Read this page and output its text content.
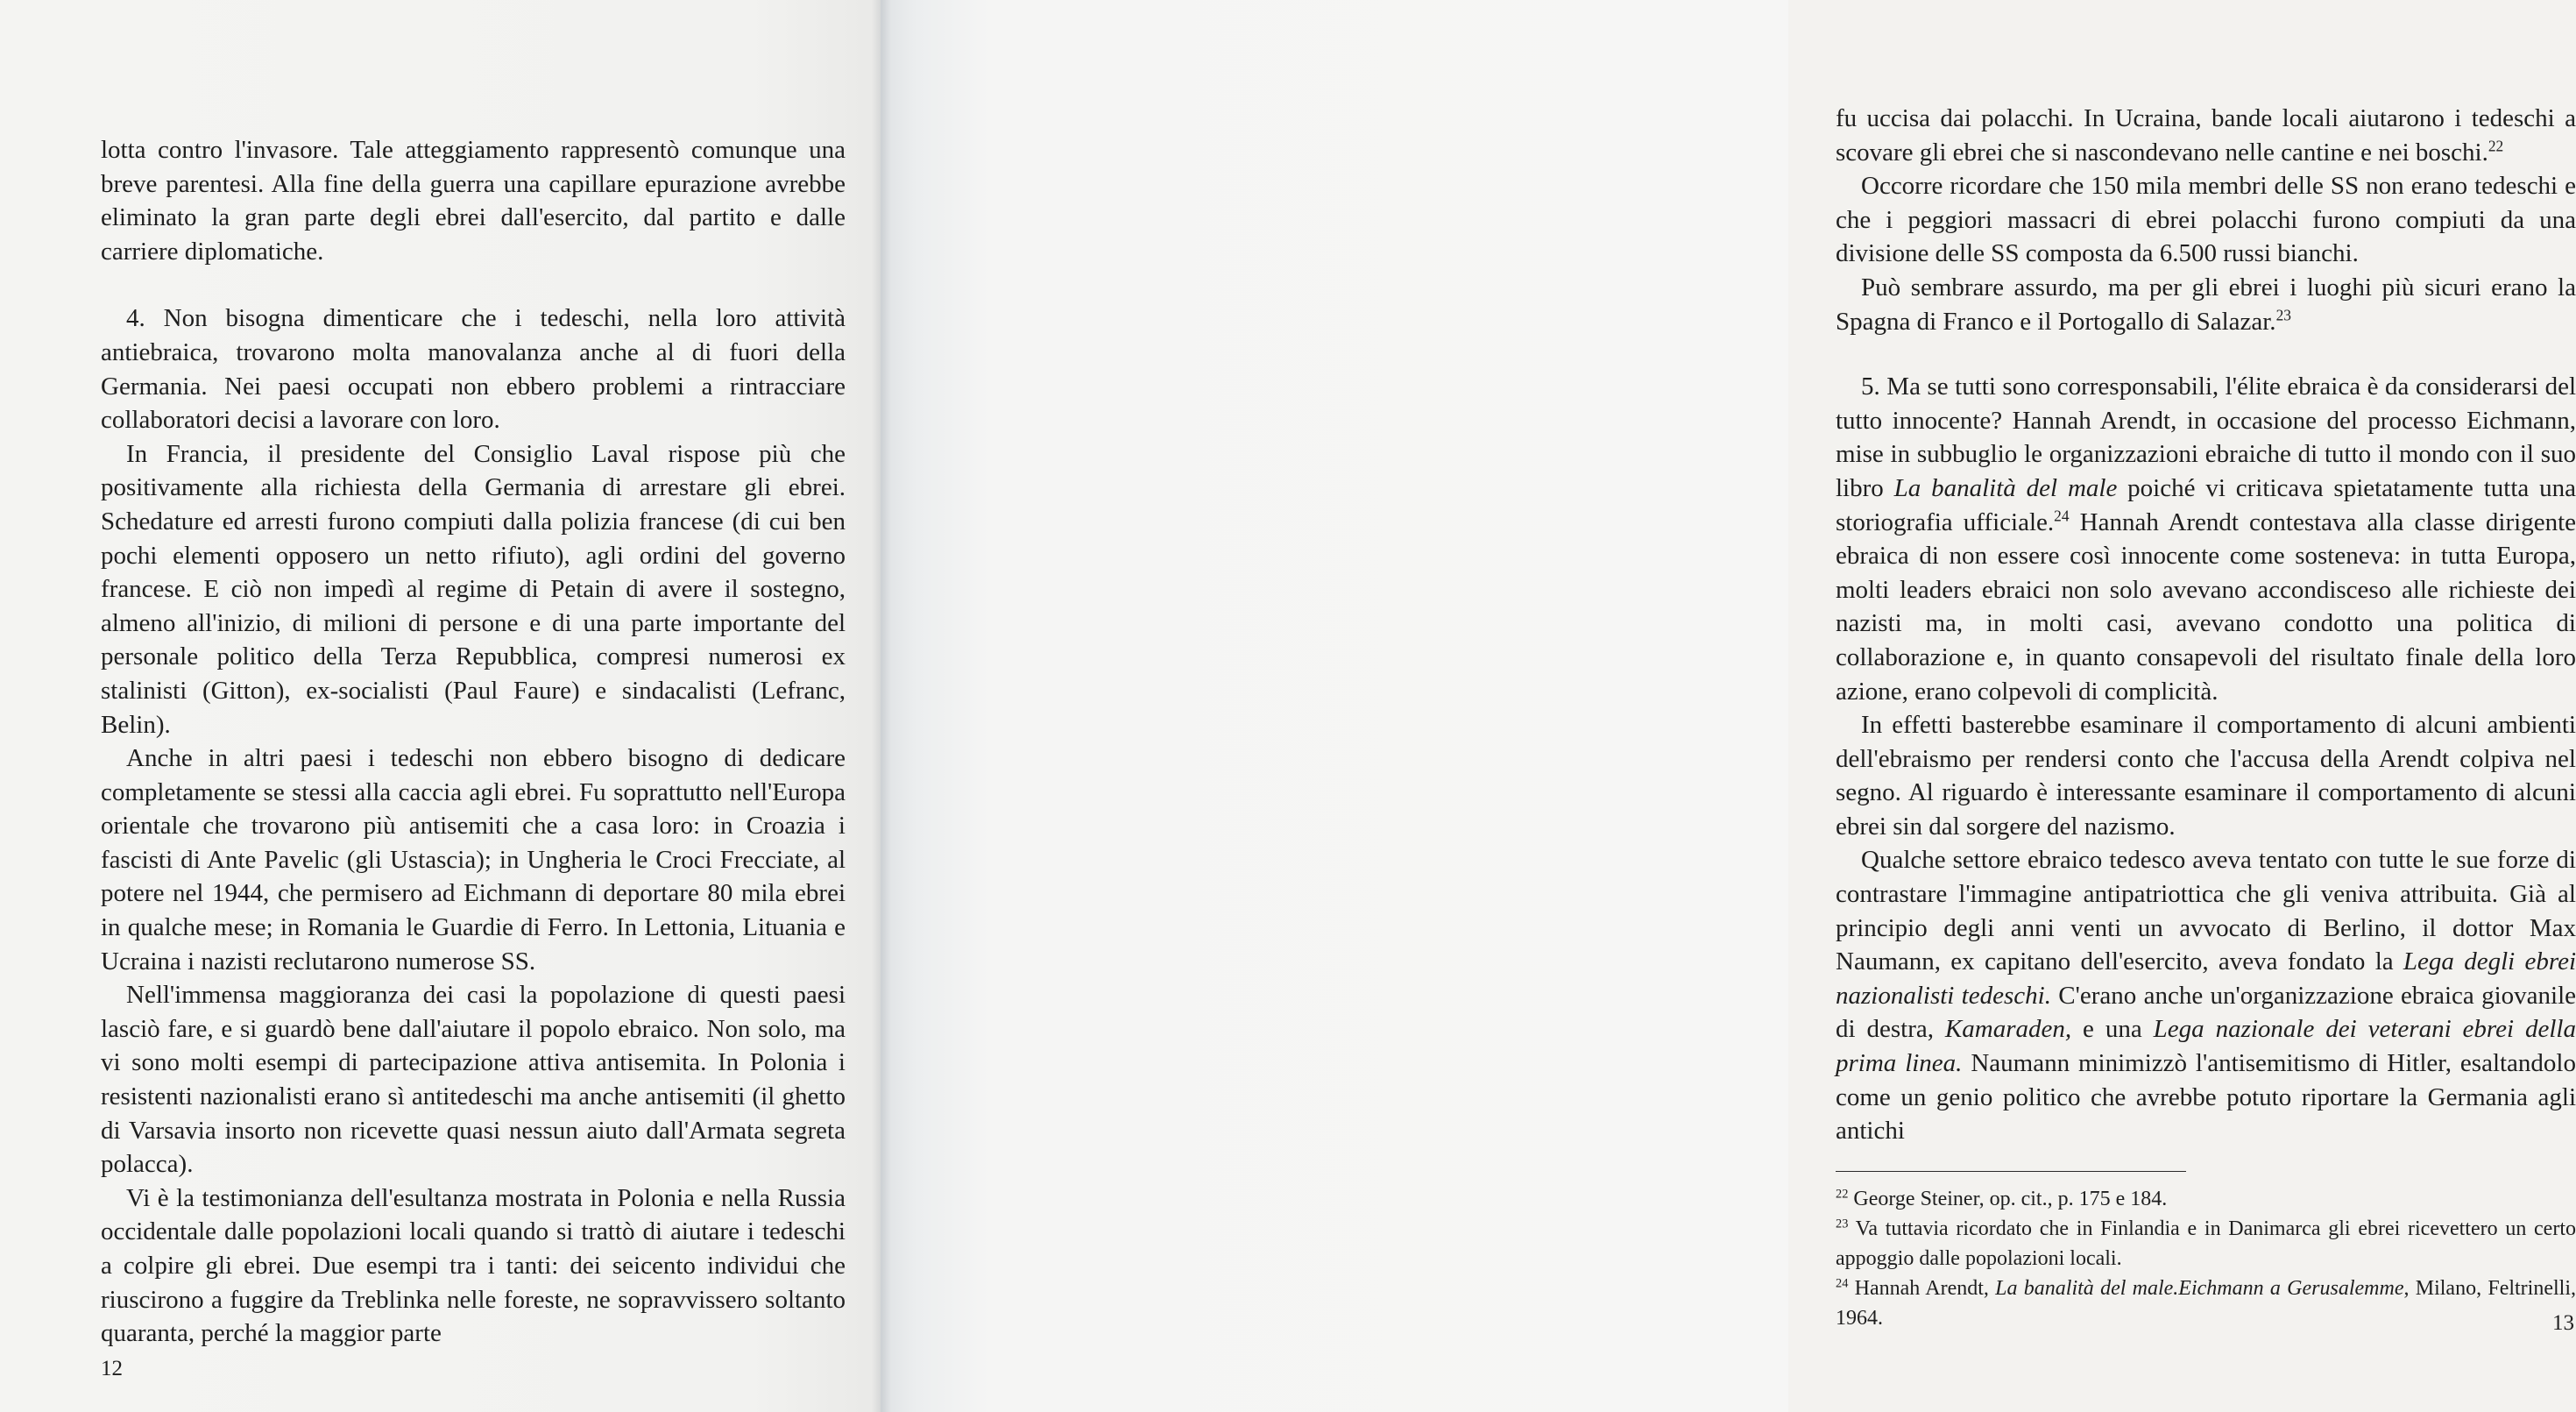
lotta contro l'invasore. Tale atteggiamento rappresentò comunque una breve parentesi. Alla fine della guerra una capillare epurazione avrebbe eliminato la gran parte degli ebrei dall'esercito, dal partito e dalle carriere diplomatiche.

4. Non bisogna dimenticare che i tedeschi, nella loro attività antiebraica, trovarono molta manovalanza anche al di fuori della Germania. Nei paesi occupati non ebbero problemi a rintracciare collaboratori decisi a lavorare con loro.

In Francia, il presidente del Consiglio Laval rispose più che positivamente alla richiesta della Germania di arrestare gli ebrei. Schedature ed arresti furono compiuti dalla polizia francese (di cui ben pochi elementi opposero un netto rifiuto), agli ordini del governo francese. E ciò non impedì al regime di Petain di avere il sostegno, almeno all'inizio, di milioni di persone e di una parte importante del personale politico della Terza Repubblica, compresi numerosi ex stalinisti (Gitton), ex-socialisti (Paul Faure) e sindacalisti (Lefranc, Belin).

Anche in altri paesi i tedeschi non ebbero bisogno di dedicare completamente se stessi alla caccia agli ebrei. Fu soprattutto nell'Europa orientale che trovarono più antisemiti che a casa loro: in Croazia i fascisti di Ante Pavelic (gli Ustascia); in Ungheria le Croci Frecciate, al potere nel 1944, che permisero ad Eichmann di deportare 80 mila ebrei in qualche mese; in Romania le Guardie di Ferro. In Lettonia, Lituania e Ucraina i nazisti reclutarono numerose SS.

Nell'immensa maggioranza dei casi la popolazione di questi paesi lasciò fare, e si guardò bene dall'aiutare il popolo ebraico. Non solo, ma vi sono molti esempi di partecipazione attiva antisemita. In Polonia i resistenti nazionalisti erano sì antitedeschi ma anche antisemiti (il ghetto di Varsavia insorto non ricevette quasi nessun aiuto dall'Armata segreta polacca).

Vi è la testimonianza dell'esultanza mostrata in Polonia e nella Russia occidentale dalle popolazioni locali quando si trattò di aiutare i tedeschi a colpire gli ebrei. Due esempi tra i tanti: dei seicento individui che riuscirono a fuggire da Treblinka nelle foreste, ne sopravvissero soltanto quaranta, perché la maggior parte

12

fu uccisa dai polacchi. In Ucraina, bande locali aiutarono i tedeschi a scovare gli ebrei che si nascondevano nelle cantine e nei boschi.$^{22}$

Occorre ricordare che 150 mila membri delle SS non erano tedeschi e che i peggiori massacri di ebrei polacchi furono compiuti da una divisione delle SS composta da 6.500 russi bianchi.

Può sembrare assurdo, ma per gli ebrei i luoghi più sicuri erano la Spagna di Franco e il Portogallo di Salazar.$^{23}$

5. Ma se tutti sono corresponsabili, l'élite ebraica è da considerarsi del tutto innocente? Hannah Arendt, in occasione del processo Eichmann, mise in subbuglio le organizzazioni ebraiche di tutto il mondo con il suo libro La banalità del male poiché vi criticava spietatamente tutta una storiografia ufficiale.$^{24}$ Hannah Arendt contestava alla classe dirigente ebraica di non essere così innocente come sosteneva: in tutta Europa, molti leaders ebraici non solo avevano accondisceso alle richieste dei nazisti ma, in molti casi, avevano condotto una politica di collaborazione e, in quanto consapevoli del risultato finale della loro azione, erano colpevoli di complicità.

In effetti basterebbe esaminare il comportamento di alcuni ambienti dell'ebraismo per rendersi conto che l'accusa della Arendt colpiva nel segno. Al riguardo è interessante esaminare il comportamento di alcuni ebrei sin dal sorgere del nazismo.

Qualche settore ebraico tedesco aveva tentato con tutte le sue forze di contrastare l'immagine antipatriottica che gli veniva attribuita. Già al principio degli anni venti un avvocato di Berlino, il dottor Max Naumann, ex capitano dell'esercito, aveva fondato la Lega degli ebrei nazionalisti tedeschi. C'erano anche un'organizzazione ebraica giovanile di destra, Kamaraden, e una Lega nazionale dei veterani ebrei della prima linea. Naumann minimizzò l'antisemitismo di Hitler, esaltandolo come un genio politico che avrebbe potuto riportare la Germania agli antichi

$^{22}$ George Steiner, op. cit., p. 175 e 184.

$^{23}$ Va tuttavia ricordato che in Finlandia e in Danimarca gli ebrei ricevettero un certo appoggio dalle popolazioni locali.

$^{24}$ Hannah Arendt, La banalità del male.Eichmann a Gerusalemme, Milano, Feltrinelli, 1964.	13
